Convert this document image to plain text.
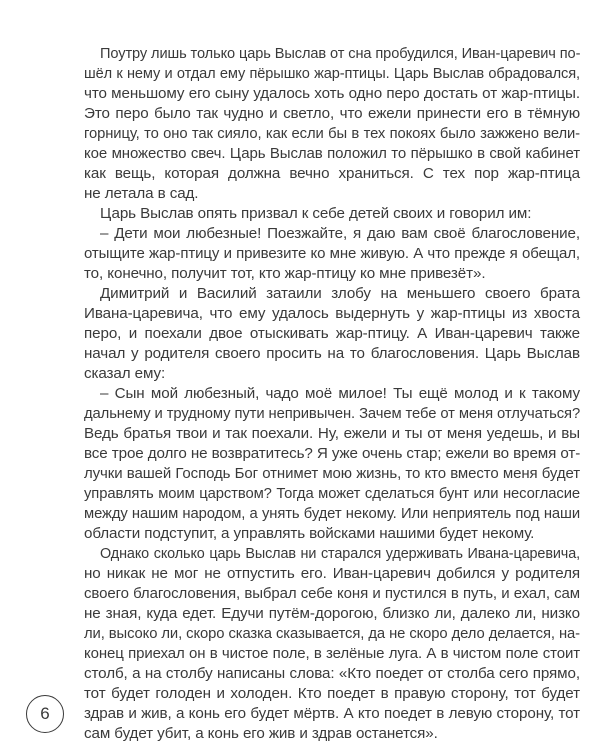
Поутру лишь только царь Выслав от сна пробудился, Иван-царевич по-
шёл к нему и отдал ему пёрышко жар-птицы. Царь Выслав обрадовался,
что меньшому его сыну удалось хоть одно перо достать от жар-птицы.
Это перо было так чудно и светло, что ежели принести его в тёмную
горницу, то оно так сияло, как если бы в тех покоях было зажжено вели-
кое множество свеч. Царь Выслав положил то пёрышко в свой кабинет
как вещь, которая должна вечно храниться. С тех пор жар-птица
не летала в сад.
Царь Выслав опять призвал к себе детей своих и говорил им:
– Дети мои любезные! Поезжайте, я даю вам своё благословение,
отыщите жар-птицу и привезите ко мне живую. А что прежде я обещал,
то, конечно, получит тот, кто жар-птицу ко мне привезёт».
Димитрий и Василий затаили злобу на меньшего своего брата
Ивана-царевича, что ему удалось выдернуть у жар-птицы из хвоста
перо, и поехали двое отыскивать жар-птицу. А Иван-царевич также
начал у родителя своего просить на то благословения. Царь Выслав
сказал ему:
– Сын мой любезный, чадо моё милое! Ты ещё молод и к такому
дальнему и трудному пути непривычен. Зачем тебе от меня отлучаться?
Ведь братья твои и так поехали. Ну, ежели и ты от меня уедешь, и вы
все трое долго не возвратитесь? Я уже очень стар; ежели во время от-
лучки вашей Господь Бог отнимет мою жизнь, то кто вместо меня будет
управлять моим царством? Тогда может сделаться бунт или несогласие
между нашим народом, а унять будет некому. Или неприятель под наши
области подступит, а управлять войсками нашими будет некому.
Однако сколько царь Выслав ни старался удерживать Ивана-царевича,
но никак не мог не отпустить его. Иван-царевич добился у родителя
своего благословения, выбрал себе коня и пустился в путь, и ехал, сам
не зная, куда едет. Едучи путём-дорогою, близко ли, далеко ли, низко
ли, высоко ли, скоро сказка сказывается, да не скоро дело делается, на-
конец приехал он в чистое поле, в зелёные луга. А в чистом поле стоит
столб, а на столбу написаны слова: «Кто поедет от столба сего прямо,
тот будет голоден и холоден. Кто поедет в правую сторону, тот будет
здрав и жив, а конь его будет мёртв. А кто поедет в левую сторону, тот
сам будет убит, а конь его жив и здрав останется».
6
